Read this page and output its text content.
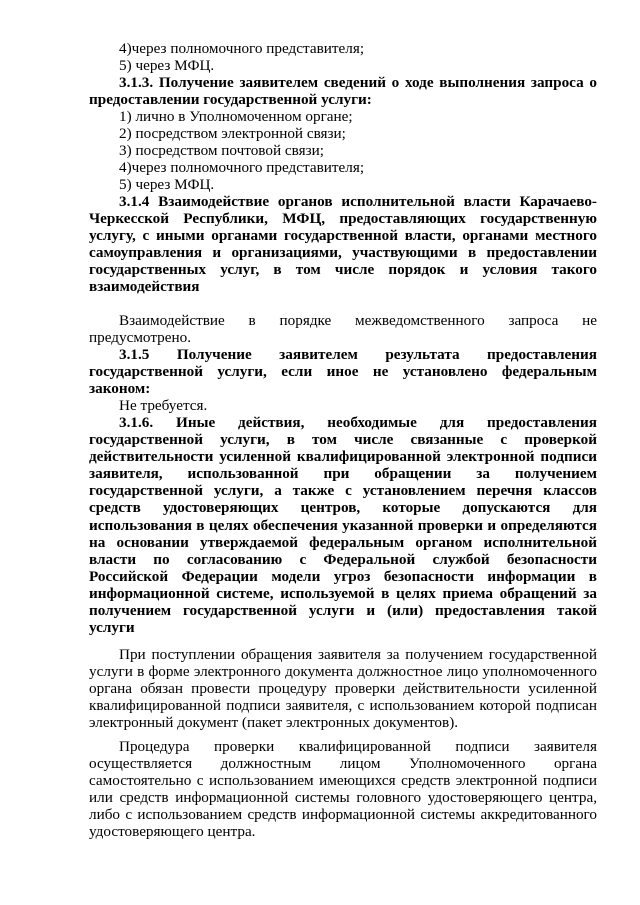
4)через полномочного представителя;

5) через МФЦ.

3.1.3. Получение заявителем сведений о ходе выполнения запроса о предоставлении государственной услуги:

1) лично в Уполномоченном органе;

2) посредством электронной связи;

3) посредством почтовой связи;

4)через полномочного представителя;

5) через МФЦ.

3.1.4 Взаимодействие органов исполнительной власти Карачаево-Черкесской Республики, МФЦ, предоставляющих государственную услугу, с иными органами государственной власти, органами местного самоуправления и организациями, участвующими в предоставлении государственных услуг, в том числе порядок и условия такого взаимодействия

Взаимодействие в порядке межведомственного запроса не предусмотрено.

3.1.5 Получение заявителем результата предоставления государственной услуги, если иное не установлено федеральным законом:

Не требуется.

3.1.6. Иные действия, необходимые для предоставления государственной услуги, в том числе связанные с проверкой действительности усиленной квалифицированной электронной подписи заявителя, использованной при обращении за получением государственной услуги, а также с установлением перечня классов средств удостоверяющих центров, которые допускаются для использования в целях обеспечения указанной проверки и определяются на основании утверждаемой федеральным органом исполнительной власти по согласованию с Федеральной службой безопасности Российской Федерации модели угроз безопасности информации в информационной системе, используемой в целях приема обращений за получением государственной услуги и (или) предоставления такой услуги

При поступлении обращения заявителя за получением государственной услуги в форме электронного документа должностное лицо уполномоченного органа обязан провести процедуру проверки действительности усиленной квалифицированной подписи заявителя, с использованием которой подписан электронный документ (пакет электронных документов).

Процедура проверки квалифицированной подписи заявителя осуществляется должностным лицом Уполномоченного органа самостоятельно с использованием имеющихся средств электронной подписи или средств информационной системы головного удостоверяющего центра, либо с использованием средств информационной системы аккредитованного удостоверяющего центра.
